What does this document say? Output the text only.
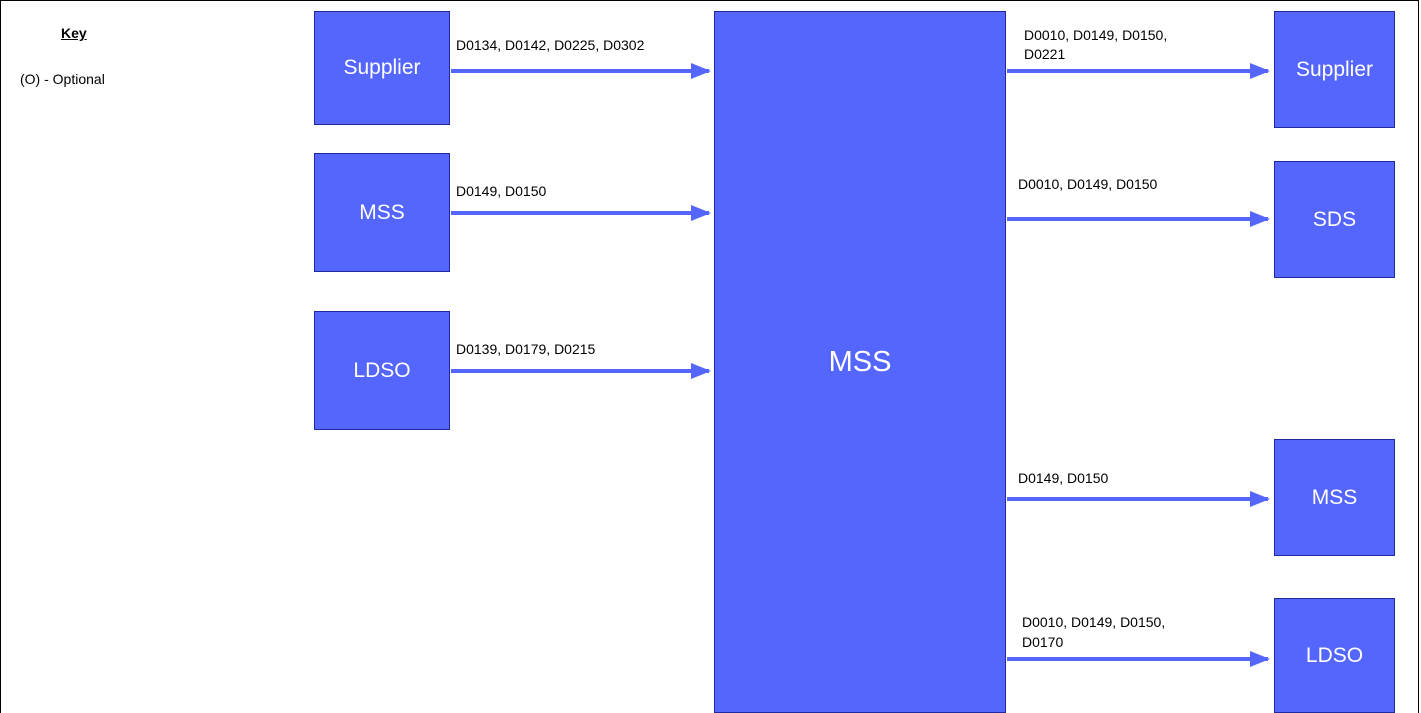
Key
(O) - Optional	Supplier
MSS
LDSO	MSS
Supplier
SDS
MSS
LDSO
D0134, D0142, D0225, D0302
D0149, D0150
D0139, D0179, D0215
D0010, D0149, D0150,
D0221
D0010, D0149, D0150
D0149, D0150
D0010, D0149, D0150,
D0170
